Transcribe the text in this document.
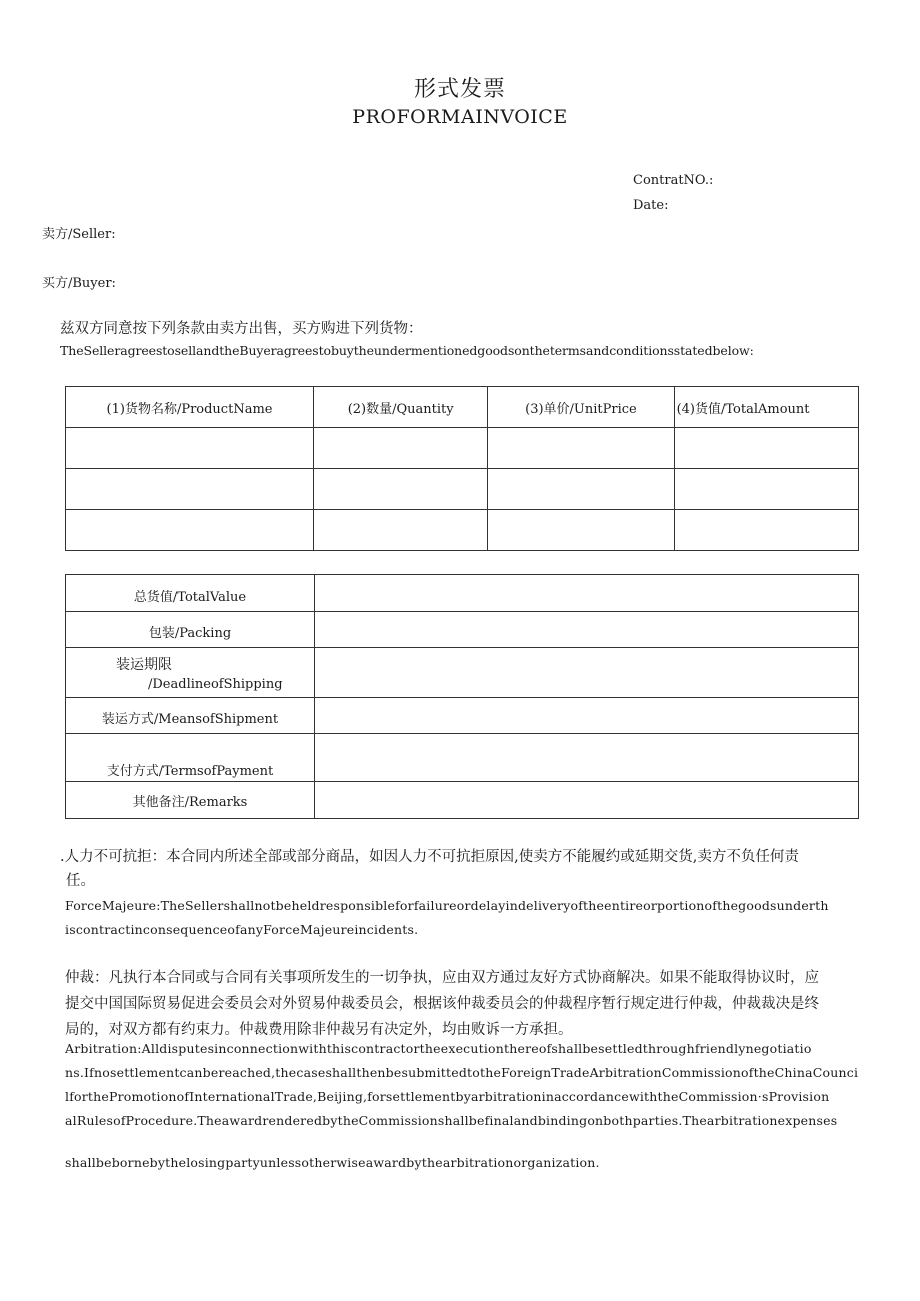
形式发票
PROFORMAINVOICE
ContratNO.:
Date:
卖方/Seller:
买方/Buyer:
兹双方同意按下列条款由卖方出售，买方购进下列货物：
TheSelleragreestosellandtheBuyeragreestobuytheundermentionedgoodsonthetermsandconditionsstatedbelow:
(1)货物名称/ProductName	(2)数量/Quantity	(3)单价/UnitPrice	(4)货值/TotalAmount

总货值/TotalValue	
包装/Packing	

装运期限
/DeadlineofShipping	

装运方式/MeansofShipment	
支付方式/TermsofPayment	
其他备注/Remarks	
.人力不可抗拒：本合同内所述全部或部分商品，如因人力不可抗拒原因,使卖方不能履约或延期交货,卖方不负任何责
任。
ForceMajeure:TheSellershallnotbeheldresponsibleforfailureordelayindeliveryoftheentireorportionofthegoodsunderth
iscontractinconsequenceofanyForceMajeureincidents.
仲裁：凡执行本合同或与合同有关事项所发生的一切争执，应由双方通过友好方式协商解决。如果不能取得协议时，应
提交中国国际贸易促进会委员会对外贸易仲裁委员会，根据该仲裁委员会的仲裁程序暂行规定进行仲裁，仲裁裁决是终
局的，对双方都有约束力。仲裁费用除非仲裁另有决定外，均由败诉一方承担。
Arbitration:Alldisputesinconnectionwiththiscontractortheexecutionthereofshallbesettledthroughfriendlynegotiatio
ns.Ifnosettlementcanbereached,thecaseshallthenbesubmittedtotheForeignTradeArbitrationCommissionoftheChinaCounci
lforthePromotionofInternationalTrade,Beijing,forsettlementbyarbitrationinaccordancewiththeCommission·sProvision
alRulesofProcedure.TheawardrenderedbytheCommissionshallbefinalandbindingonbothparties.Thearbitrationexpenses
shallbebornebythelosingpartyunlessotherwiseawardbythearbitrationorganization.
